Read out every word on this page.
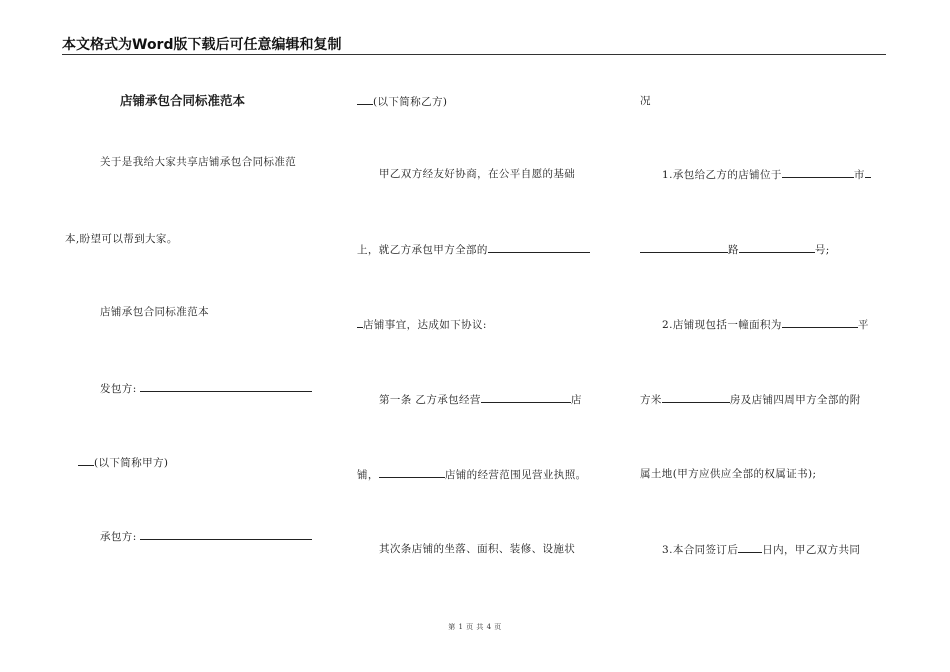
本文格式为Word版下载后可任意编辑和复制
店铺承包合同标准范本
关于是我给大家共享店铺承包合同标准范
本,盼望可以帮到大家。
店铺承包合同标准范本
发包方:
(以下简称甲方)
承包方:
(以下简称乙方)
甲乙双方经友好协商，在公平自愿的基础
上，就乙方承包甲方全部的
店铺事宜，达成如下协议:
第一条 乙方承包经营	店
铺，	店铺的经营范围见营业执照。
其次条店铺的坐落、面积、装修、设施状
况
1.承包给乙方的店铺位于	市
路	号;
2.店铺现包括一幢面积为	平
方米	房及店铺四周甲方全部的附
属土地(甲方应供应全部的权属证书);
3.本合同签订后 日内，甲乙双方共同
第 1 页 共 4 页
